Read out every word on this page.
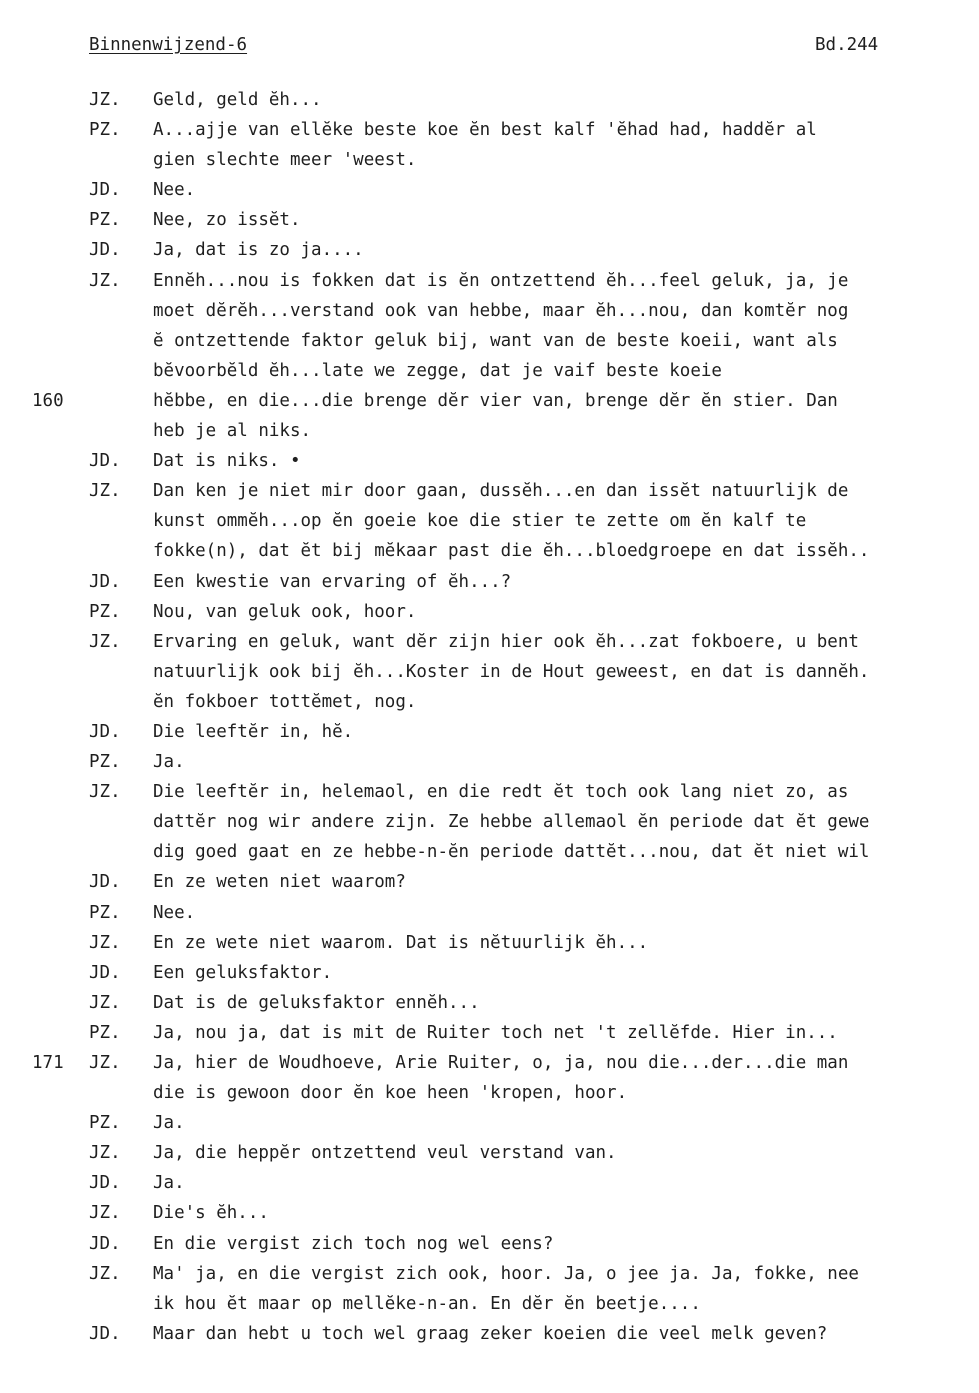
Binnenwijzend-6	Bd.244
JZ. Geld, geld ĕh...
PZ. A...ajje van ellĕke beste koe ĕn best kalf 'ĕhad had, haddĕr al
gien slechte meer 'weest.
JD. Nee.
PZ. Nee, zo issĕt.
JD. Ja, dat is zo ja....
JZ. Ennĕh...nou is fokken dat is ĕn ontzettend ĕh...feel geluk, ja, je
moet dĕrĕh...verstand ook van hebbe, maar ĕh...nou, dan komtĕr nog
ĕ ontzettende faktor geluk bij, want van de beste koeii, want als
bĕvoorbĕld ĕh...late we zegge, dat je vaif beste koeie
160	hĕbbe, en die...die brenge dĕr vier van, brenge dĕr ĕn stier. Dan
heb je al niks.
JD. Dat is niks. •
JZ. Dan ken je niet mir door gaan, dussĕh...en dan issĕt natuurlijk de
kunst ommĕh...op ĕn goeie koe die stier te zette om ĕn kalf te
fokke(n), dat ĕt bij mĕkaar past die ĕh...bloedgroepe en dat issĕh..
JD. Een kwestie van ervaring of ĕh...?
PZ. Nou, van geluk ook, hoor.
JZ. Ervaring en geluk, want dĕr zijn hier ook ĕh...zat fokboere, u bent
natuurlijk ook bij ĕh...Koster in de Hout geweest, en dat is dannĕh.
ĕn fokboer tottĕmet, nog.
JD. Die leeftĕr in, hĕ.
PZ. Ja.
JZ. Die leeftĕr in, helemaol, en die redt ĕt toch ook lang niet zo, as
dattĕr nog wir andere zijn. Ze hebbe allemaol ĕn periode dat ĕt gewe
dig goed gaat en ze hebbe-n-ĕn periode dattĕt...nou, dat ĕt niet wil
JD. En ze weten niet waarom?
PZ. Nee.
JZ. En ze wete niet waarom. Dat is nĕtuurlijk ĕh...
JD. Een geluksfaktor.
JZ. Dat is de geluksfaktor ennĕh...
PZ. Ja, nou ja, dat is mit de Ruiter toch net 't zellĕfde. Hier in...
171 JZ. Ja, hier de Woudhoeve, Arie Ruiter, o, ja, nou die...der...die man
die is gewoon door ĕn koe heen 'kropen, hoor.
PZ. Ja.
JZ. Ja, die heppĕr ontzettend veul verstand van.
JD. Ja.
JZ. Die's ĕh...
JD. En die vergist zich toch nog wel eens?
JZ. Ma' ja, en die vergist zich ook, hoor. Ja, o jee ja. Ja, fokke, nee
ik hou ĕt maar op mellĕke-n-an. En dĕr ĕn beetje....
JD. Maar dan hebt u toch wel graag zeker koeien die veel melk geven?
